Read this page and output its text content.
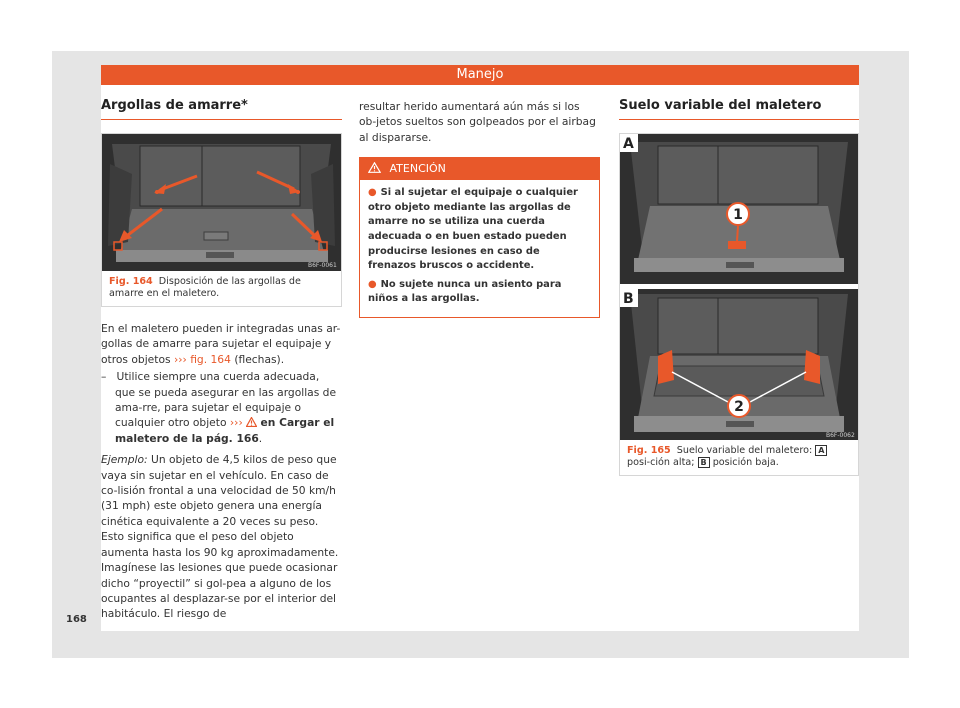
Manejo
Argollas de amarre*
B6F-0061
Fig. 164 Disposición de las argollas de amarre en el maletero.

En el maletero pueden ir integradas unas ar-gollas de amarre para sujetar el equipaje y otros objetos ››› fig. 164 (flechas).

– Utilice siempre una cuerda adecuada, que se pueda asegurar en las argollas de ama-rre, para sujetar el equipaje o cualquier otro objeto ››› en Cargar el maletero de la pág. 166.

Ejemplo: Un objeto de 4,5 kilos de peso que vaya sin sujetar en el vehículo. En caso de co-lisión frontal a una velocidad de 50 km/h (31 mph) este objeto genera una energía cinética equivalente a 20 veces su peso. Esto significa que el peso del objeto aumenta hasta los 90 kg aproximadamente. Imagínese las lesiones que puede ocasionar dicho “proyectil” si gol-pea a alguno de los ocupantes al desplazar-se por el interior del habitáculo. El riesgo de

resultar herido aumentará aún más si los ob-jetos sueltos son golpeados por el airbag al dispararse.

ATENCIÓN

● Si al sujetar el equipaje o cualquier otro objeto mediante las argollas de amarre no se utiliza una cuerda adecuada o en buen estado pueden producirse lesiones en caso de frenazos bruscos o accidente.

● No sujete nunca un asiento para niños a las argollas.

Suelo variable del maletero
1
A
2
B
B6F-0062
Fig. 165 Suelo variable del maletero: A posi-ción alta; B posición baja.
168
